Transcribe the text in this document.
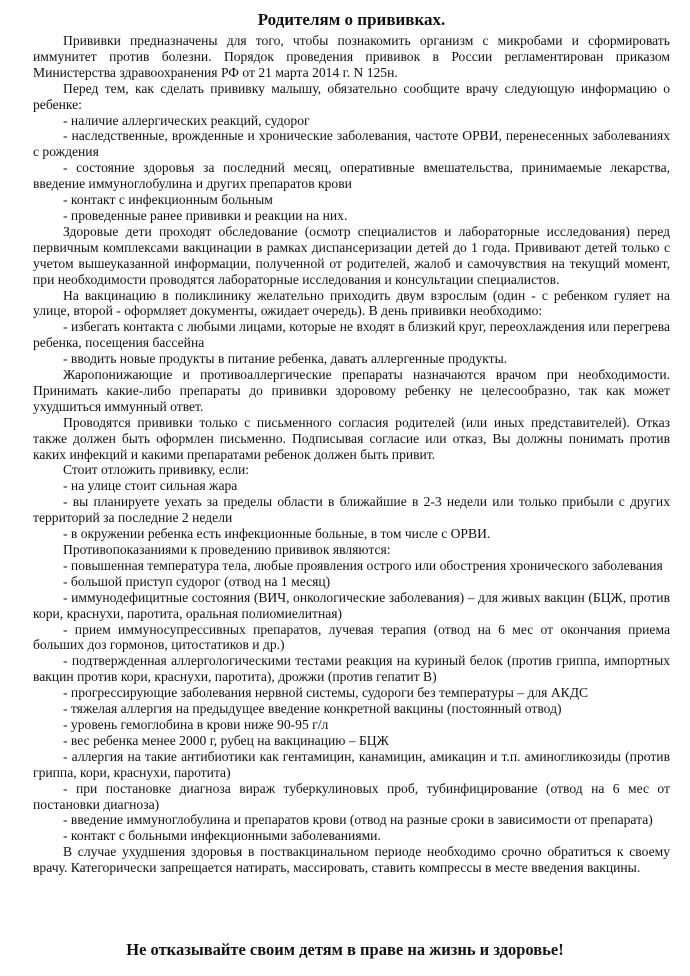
Родителям о прививках.

Прививки предназначены для того, чтобы познакомить организм с микробами и сформировать иммунитет против болезни. Порядок проведения прививок в России регламентирован приказом Министерства здравоохранения РФ от 21 марта 2014 г. N 125н.

Перед тем, как сделать прививку малышу, обязательно сообщите врачу следующую информацию о ребенке:

- наличие аллергических реакций, судорог

- наследственные, врожденные и хронические заболевания, частоте ОРВИ, перенесенных заболеваниях с рождения

- состояние здоровья за последний месяц, оперативные вмешательства, принимаемые лекарства, введение иммуноглобулина и других препаратов крови

- контакт с инфекционным больным

- проведенные ранее прививки и реакции на них.

Здоровые дети проходят обследование (осмотр специалистов и лабораторные исследования) перед первичным комплексами вакцинации в рамках диспансеризации детей до 1 года. Прививают детей только с учетом вышеуказанной информации, полученной от родителей, жалоб и самочувствия на текущий момент, при необходимости проводятся лабораторные исследования и консультации специалистов.

На вакцинацию в поликлинику желательно приходить двум взрослым (один - с ребенком гуляет на улице, второй - оформляет документы, ожидает очередь). В день прививки необходимо:

- избегать контакта с любыми лицами, которые не входят в близкий круг, переохлаждения или перегрева ребенка, посещения бассейна

- вводить новые продукты в питание ребенка, давать аллергенные продукты.

Жаропонижающие и противоаллергические препараты назначаются врачом при необходимости. Принимать какие-либо препараты до прививки здоровому ребенку не целесообразно, так как может ухудшиться иммунный ответ.

Проводятся прививки только с письменного согласия родителей (или иных представителей). Отказ также должен быть оформлен письменно. Подписывая согласие или отказ, Вы должны понимать против каких инфекций и какими препаратами ребенок должен быть привит.

Стоит отложить прививку, если:

- на улице стоит сильная жара

- вы планируете уехать за пределы области в ближайшие в 2-3 недели или только прибыли с других территорий за последние 2 недели

- в окружении ребенка есть инфекционные больные, в том числе с ОРВИ.

Противопоказаниями к проведению прививок являются:

- повышенная температура тела, любые проявления острого или обострения хронического заболевания

- большой приступ судорог (отвод на 1 месяц)

- иммунодефицитные состояния (ВИЧ, онкологические заболевания) – для живых вакцин (БЦЖ, против кори, краснухи, паротита, оральная полиомиелитная)

- прием иммуносупрессивных препаратов, лучевая терапия (отвод на 6 мес от окончания приема больших доз гормонов, цитостатиков и др.)

- подтвержденная аллергологическими тестами реакция на куриный белок (против гриппа, импортных вакцин против кори, краснухи, паротита), дрожжи (против гепатит В)

- прогрессирующие заболевания нервной системы, судороги без температуры – для АКДС

- тяжелая аллергия на предыдущее введение конкретной вакцины (постоянный отвод)

- уровень гемоглобина в крови ниже 90-95 г/л

- вес ребенка менее 2000 г, рубец на вакцинацию – БЦЖ

- аллергия на такие антибиотики как гентамицин, канамицин, амикацин и т.п. аминогликозиды (против гриппа, кори, краснухи, паротита)

- при постановке диагноза вираж туберкулиновых проб, тубинфицирование (отвод на 6 мес от постановки диагноза)

- введение иммуноглобулина и препаратов крови (отвод на разные сроки в зависимости от препарата)

- контакт с больными инфекционными заболеваниями.

В случае ухудшения здоровья в поствакцинальном периоде необходимо срочно обратиться к своему врачу. Категорически запрещается натирать, массировать, ставить компрессы в месте введения вакцины.

Не отказывайте своим детям в праве на жизнь и здоровье!
